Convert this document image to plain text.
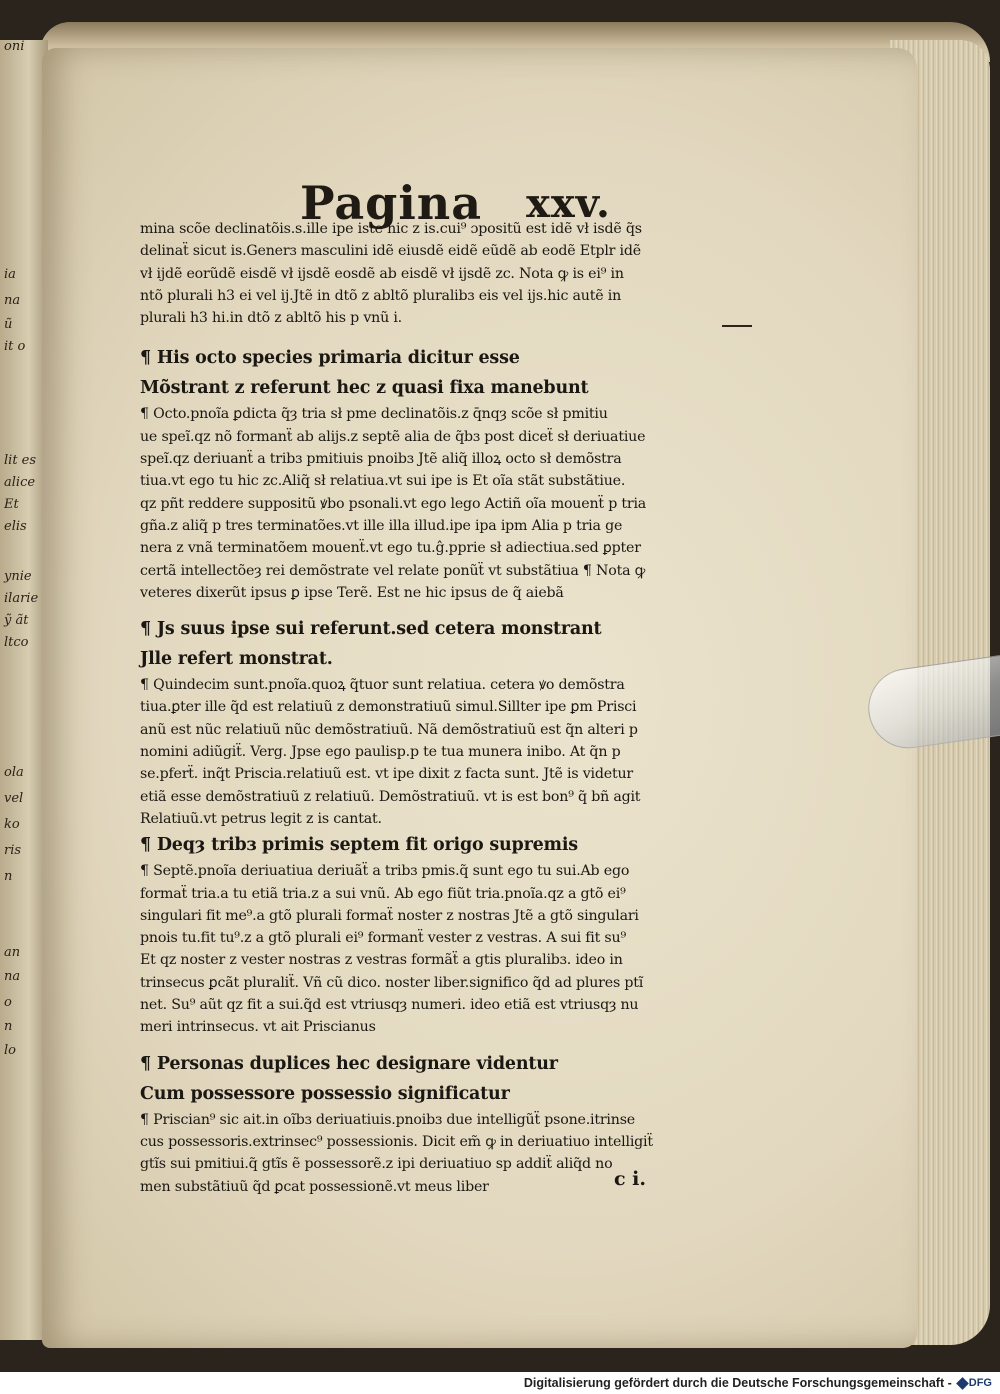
oni
ia
na
ũ
it o
lit es
alice
Et
elis
ynie
ilarie
ỹ ãt
ltco
ola
vel
ko
ris
n
an
na
o
n
lo
Pagina xxv.
mina scõe declinatõis.s.ille ipe iste hic z is.cui⁹ ɔpositũ est idẽ vł isdẽ q̃s
delinaẗ sicut is.Generɜ masculini idẽ eiusdẽ eidẽ eũdẽ ab eodẽ Etplr idẽ
vł ijdẽ eorũdẽ eisdẽ vł ijsdẽ eosdẽ ab eisdẽ vł ijsdẽ zc. Nota ꝙ is ei⁹ in
ntõ plurali h3 ei vel ij.Jtẽ in dtõ z abltõ pluralibɜ eis vel ijs.hic autẽ in
plurali h3 hi.in dtõ z abltõ his p vnũ i.
¶ His octo species primaria dicitur esse
Mõstrant z referunt hec z quasi fixa manebunt
¶ Octo.pnoĩa ꝑdicta q̃ȝ tria sł pme declinatõis.z q̄nqȝ scõe sł pmitiu
ue speĩ.qz nõ formanẗ ab alijs.z septẽ alia de q̃bɜ post diceẗ sł deriuatiue
speĩ.qz deriuanẗ a tribɜ pmitiuis pnoibɜ Jtẽ aliq̃ illoꝝ octo sł demõstra
tiua.vt ego tu hic zc.Aliq̃ sł relatiua.vt sui ipe is Et oĩa stãt substãtiue.
qz pñt reddere suppositũ ꝟbo psonali.vt ego lego Actiñ oĩa mouenẗ p tria
gña.z aliq̃ p tres terminatões.vt ille illa illud.ipe ipa ipm Alia p tria ge
nera z vnã terminatõem mouenẗ.vt ego tu.ĝ.pprie sł adiectiua.sed ꝑpter
certã intellectõeȝ rei demõstrate vel relate ponũẗ vt substãtiua ¶ Nota ꝙ
veteres dixerũt ipsus ꝑ ipse Terẽ. Est ne hic ipsus de q̃ aiebã
¶ Js suus ipse sui referunt.sed cetera monstrant
Jlle refert monstrat.
¶ Quindecim sunt.pnoĩa.quoꝝ q̃tuor sunt relatiua. cetera ꝟo demõstra
tiua.ꝑter ille q̃d est relatiuũ z demonstratiuũ simul.Sillter ipe ꝑm Prisci
anũ est nũc relatiuũ nũc demõstratiuũ. Nã demõstratiuũ est q̃n alteri p
nomini adiũgiẗ. Verg. Jpse ego paulisp.p te tua munera inibo. At q̃n p
se.pferẗ. inq̃t Priscia.relatiuũ est. vt ipe dixit z facta sunt. Jtẽ is videtur
etiã esse demõstratiuũ z relatiuũ. Demõstratiuũ. vt is est bon⁹ q̃ bñ agit
Relatiuũ.vt petrus legit z is cantat.
¶ Deqȝ tribɜ primis septem fit origo supremis
¶ Septẽ.pnoĩa deriuatiua deriuãẗ a tribɜ pmis.q̃ sunt ego tu sui.Ab ego
formaẗ tria.a tu etiã tria.z a sui vnũ. Ab ego fiũt tria.pnoĩa.qz a gtõ ei⁹
singulari fit me⁹.a gtõ plurali formaẗ noster z nostras Jtẽ a gtõ singulari
pnois tu.fit tu⁹.z a gtõ plurali ei⁹ formanẗ vester z vestras. A sui fit su⁹
Et qz noster z vester nostras z vestras formãẗ a gtis pluralibɜ. ideo in
trinsecus ꝑcãt pluraliẗ. Vñ cũ dico. noster liber.significo q̃d ad plures ptĩ
net. Su⁹ aũt qz fit a sui.q̃d est vtriusqȝ numeri. ideo etiã est vtriusqȝ nu
meri intrinsecus. vt ait Priscianus
¶ Personas duplices hec designare videntur
Cum possessore possessio significatur
¶ Priscian⁹ sic ait.in oĩbɜ deriuatiuis.pnoibɜ due intelligũẗ psone.itrinse
cus possessoris.extrinsec⁹ possessionis. Dicit em̃ ꝙ in deriuatiuo intelligiẗ
gtĩs sui pmitiui.q̃ gtĩs ẽ possessorẽ.z ipi deriuatiuo sp addiẗ aliq̃d no
men substãtiuũ q̃d ꝑcat possessionẽ.vt meus liber	c i.
Digitalisierung gefördert durch die Deutsche Forschungsgemeinschaft - DFG
